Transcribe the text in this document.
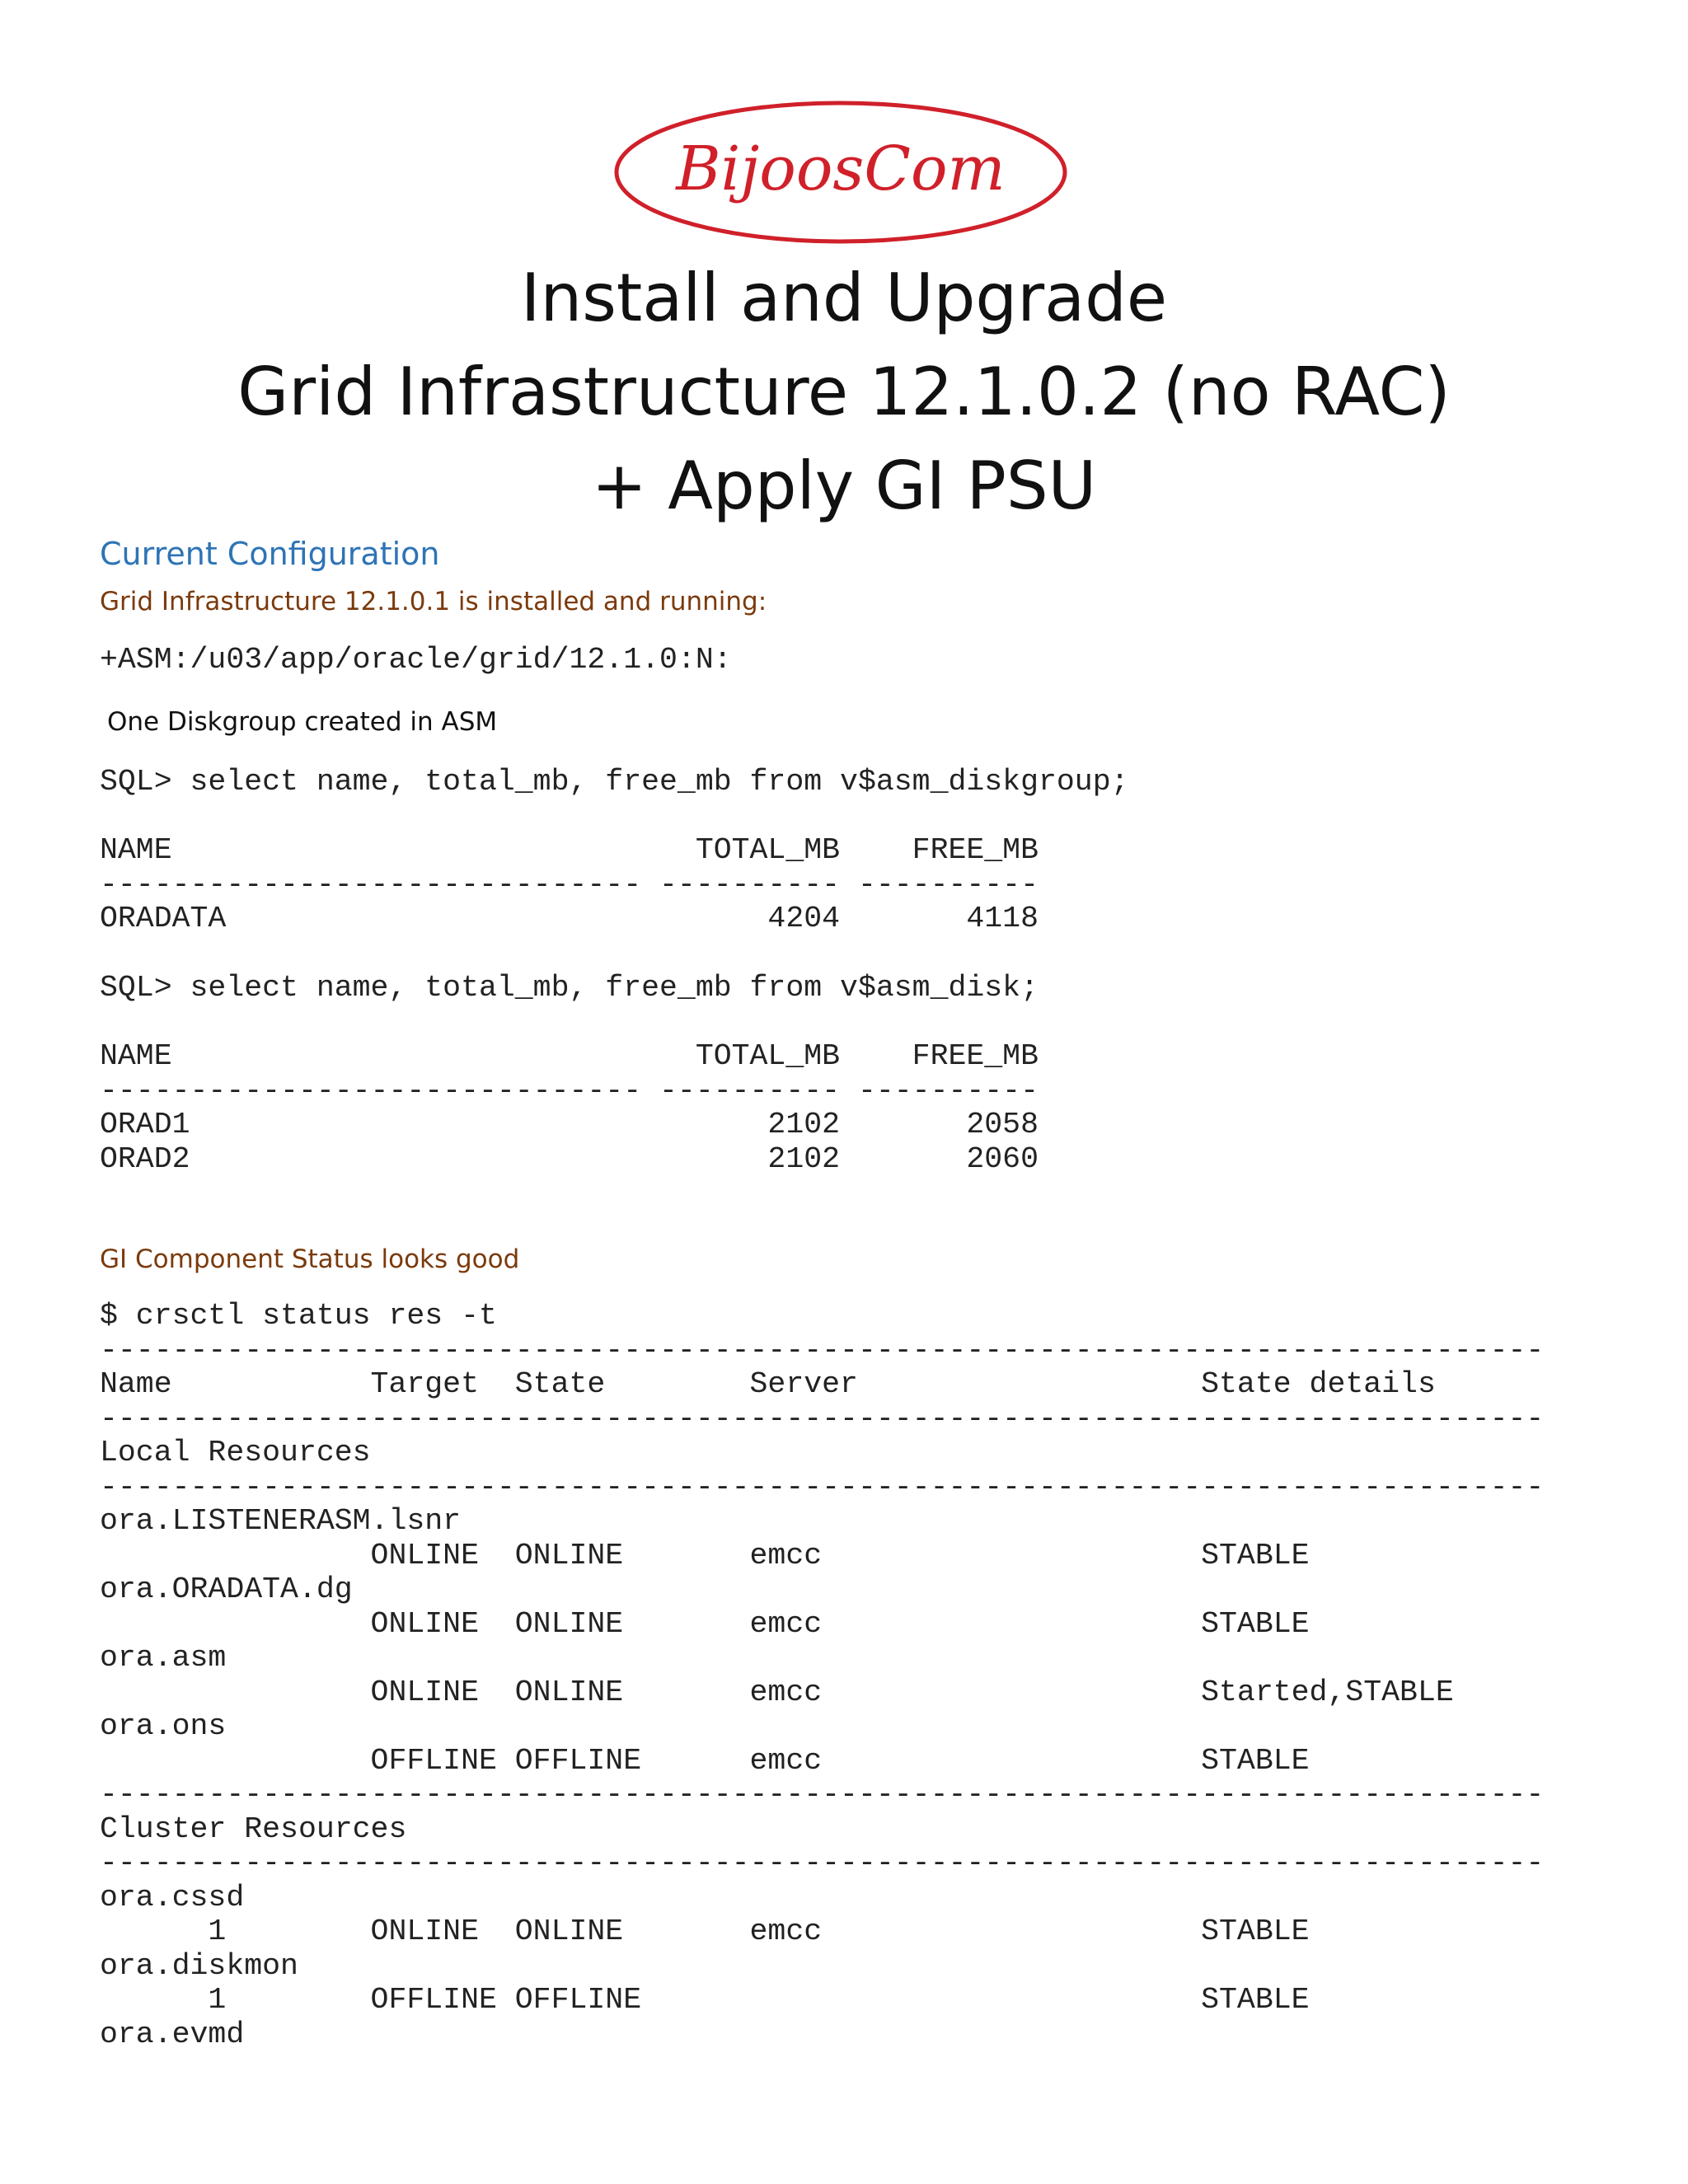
BijoosCom
Install and Upgrade
Grid Infrastructure 12.1.0.2 (no RAC)
+ Apply GI PSU
Current Configuration
Grid Infrastructure 12.1.0.1 is installed and running:
+ASM:/u03/app/oracle/grid/12.1.0:N:
One Diskgroup created in ASM
SQL> select name, total_mb, free_mb from v$asm_diskgroup;
NAME                             TOTAL_MB    FREE_MB
------------------------------ ---------- ----------
ORADATA                              4204       4118
SQL> select name, total_mb, free_mb from v$asm_disk;
NAME                             TOTAL_MB    FREE_MB
------------------------------ ---------- ----------
ORAD1                                2102       2058
ORAD2                                2102       2060
GI Component Status looks good
$ crsctl status res -t
--------------------------------------------------------------------------------
Name           Target  State        Server                   State details
--------------------------------------------------------------------------------
Local Resources
--------------------------------------------------------------------------------
ora.LISTENERASM.lsnr
ONLINE  ONLINE       emcc                     STABLE
ora.ORADATA.dg
ONLINE  ONLINE       emcc                     STABLE
ora.asm
ONLINE  ONLINE       emcc                     Started,STABLE
ora.ons
OFFLINE OFFLINE      emcc                     STABLE
--------------------------------------------------------------------------------
Cluster Resources
--------------------------------------------------------------------------------
ora.cssd
1        ONLINE  ONLINE       emcc                     STABLE
ora.diskmon
1        OFFLINE OFFLINE                               STABLE
ora.evmd
